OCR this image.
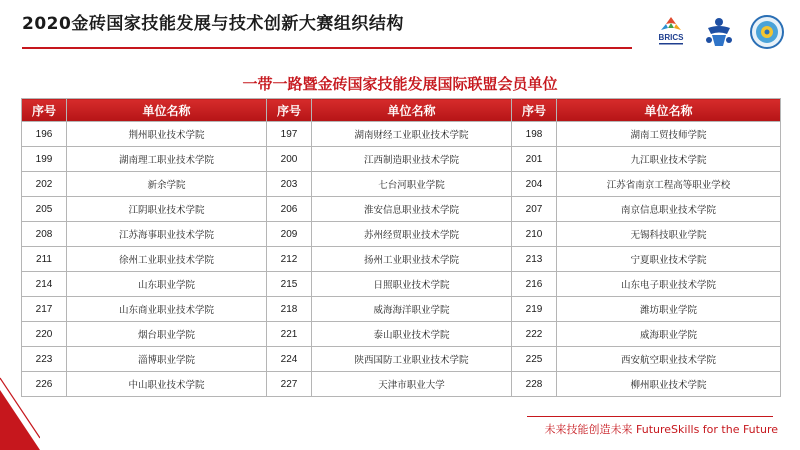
2020金砖国家技能发展与技术创新大赛组织结构
BRICS
一带一路暨金砖国家技能发展国际联盟会员单位
序号	单位名称	序号	单位名称	序号	单位名称
196	荆州职业技术学院	197	湖南财经工业职业技术学院	198	湖南工贸技师学院
199	湖南理工职业技术学院	200	江西制造职业技术学院	201	九江职业技术学院
202	新余学院	203	七台河职业学院	204	江苏省南京工程高等职业学校
205	江阴职业技术学院	206	淮安信息职业技术学院	207	南京信息职业技术学院
208	江苏海事职业技术学院	209	苏州经贸职业技术学院	210	无锡科技职业学院
211	徐州工业职业技术学院	212	扬州工业职业技术学院	213	宁夏职业技术学院
214	山东职业学院	215	日照职业技术学院	216	山东电子职业技术学院
217	山东商业职业技术学院	218	威海海洋职业学院	219	潍坊职业学院
220	烟台职业学院	221	泰山职业技术学院	222	威海职业学院
223	淄博职业学院	224	陕西国防工业职业技术学院	225	西安航空职业技术学院
226	中山职业技术学院	227	天津市职业大学	228	柳州职业技术学院
未来技能创造未来 FutureSkills for the Future
